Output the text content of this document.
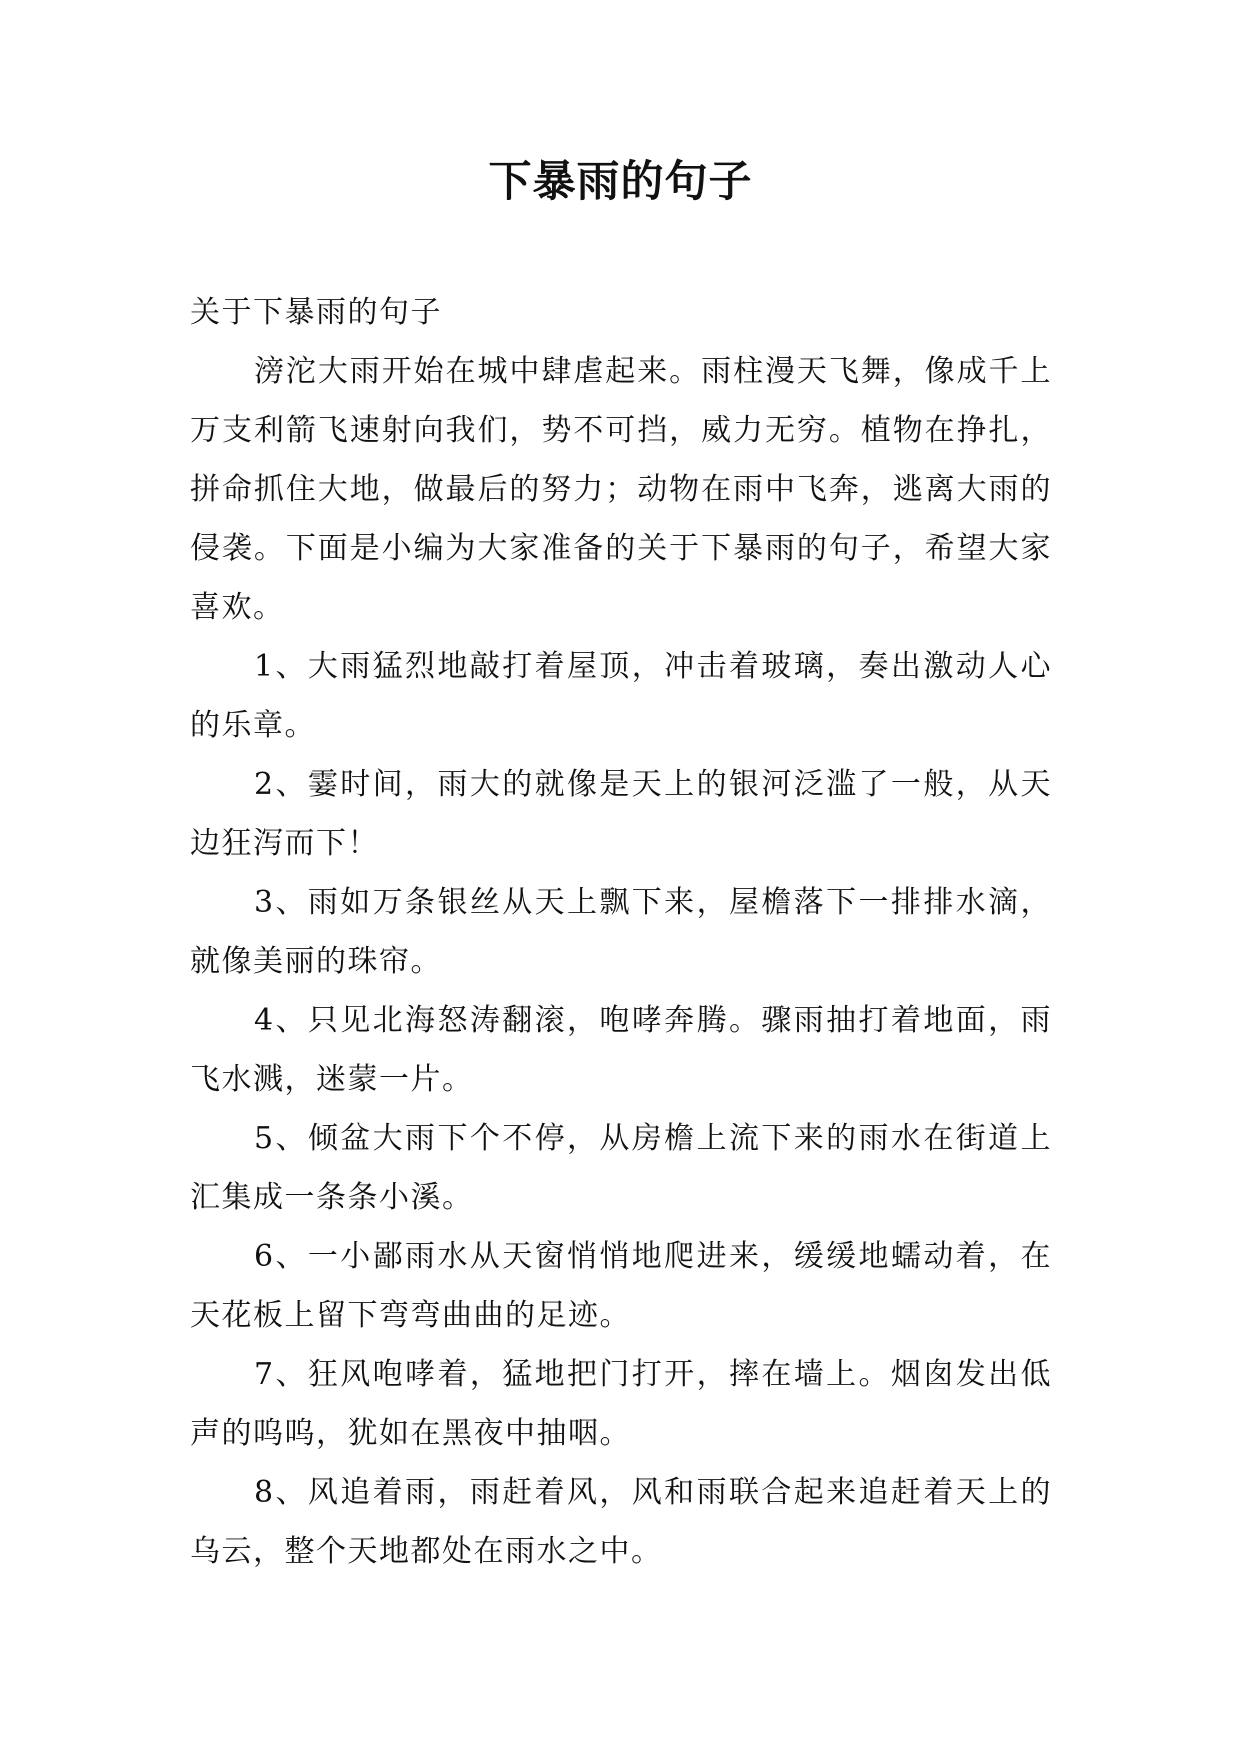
下暴雨的句子

关于下暴雨的句子

滂沱大雨开始在城中肆虐起来。雨柱漫天飞舞，像成千上万支利箭飞速射向我们，势不可挡，威力无穷。植物在挣扎，拼命抓住大地，做最后的努力；动物在雨中飞奔，逃离大雨的侵袭。下面是小编为大家准备的关于下暴雨的句子，希望大家喜欢。

1、大雨猛烈地敲打着屋顶，冲击着玻璃，奏出激动人心的乐章。

2、霎时间，雨大的就像是天上的银河泛滥了一般，从天边狂泻而下！

3、雨如万条银丝从天上飘下来，屋檐落下一排排水滴，就像美丽的珠帘。

4、只见北海怒涛翻滚，咆哮奔腾。骤雨抽打着地面，雨飞水溅，迷蒙一片。

5、倾盆大雨下个不停，从房檐上流下来的雨水在街道上汇集成一条条小溪。

6、一小鄙雨水从天窗悄悄地爬进来，缓缓地蠕动着，在天花板上留下弯弯曲曲的足迹。

7、狂风咆哮着，猛地把门打开，摔在墙上。烟囱发出低声的呜呜，犹如在黑夜中抽咽。

8、风追着雨，雨赶着风，风和雨联合起来追赶着天上的乌云，整个天地都处在雨水之中。
